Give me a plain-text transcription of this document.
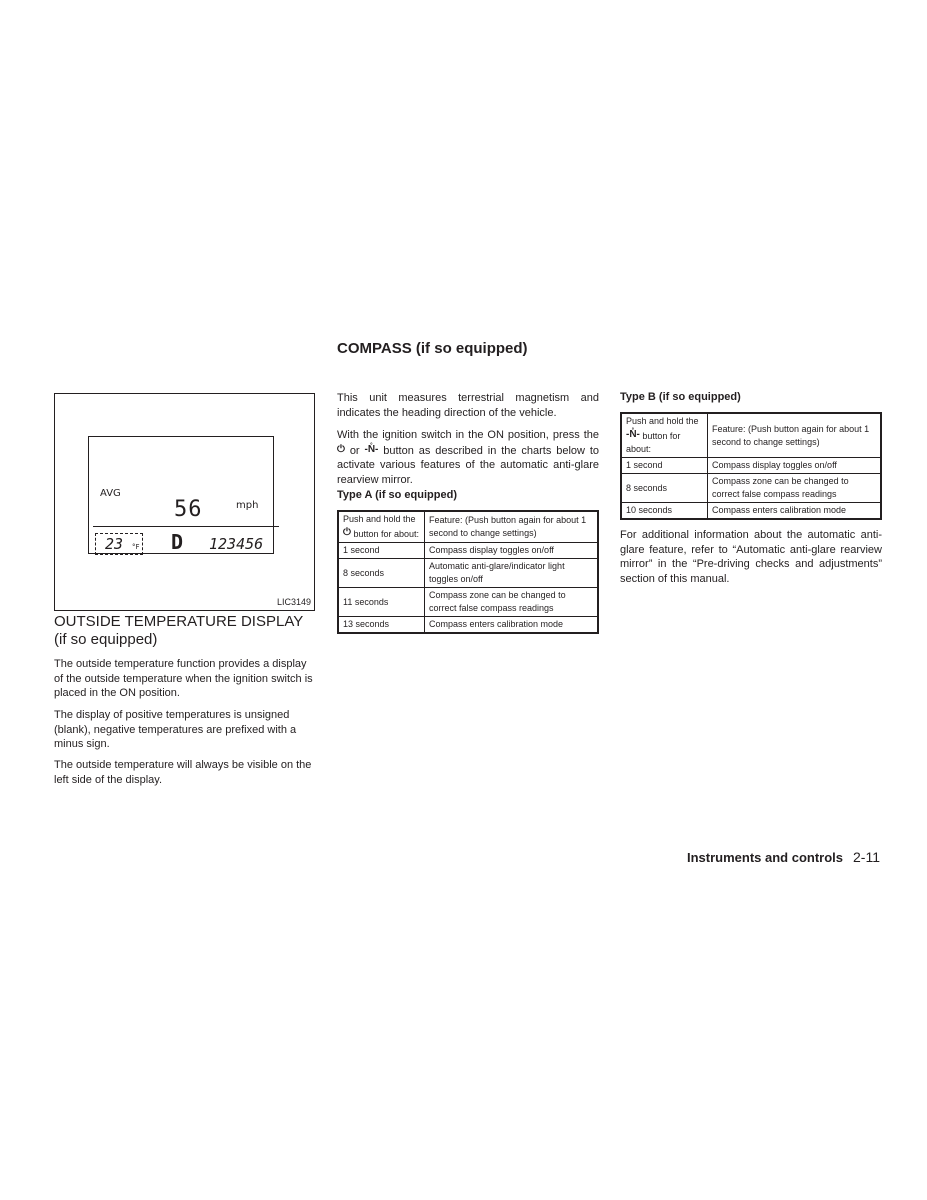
AVG
56	mph
23 °F D 123456
LIC3149
OUTSIDE TEMPERATURE DISPLAY
(if so equipped)

The outside temperature function provides a display of the outside temperature when the ignition switch is placed in the ON position.

The display of positive temperatures is unsigned (blank), negative temperatures are prefixed with a minus sign.

The outside temperature will always be visible on the left side of the display.

COMPASS (if so equipped)

This unit measures terrestrial magnetism and indicates the heading direction of the vehicle.

With the ignition switch in the ON position, press the ⏻ or -N̊- button as described in the charts below to activate various features of the automatic anti-glare rearview mirror.

Type A (if so equipped)
Push and hold the ⏻ button for about:	Feature: (Push button again for about 1 second to change settings)
1 second	Compass display toggles on/off
8 seconds	Automatic anti-glare/indicator light toggles on/off
11 seconds	Compass zone can be changed to correct false compass readings
13 seconds	Compass enters calibration mode
Type B (if so equipped)
Push and hold the -N̊- button for about:	Feature: (Push button again for about 1 second to change settings)
1 second	Compass display toggles on/off
8 seconds	Compass zone can be changed to correct false compass readings
10 seconds	Compass enters calibration mode

For additional information about the automatic anti-glare feature, refer to “Automatic anti-glare rearview mirror” in the “Pre-driving checks and adjustments” section of this manual.

Instruments and controls 2-11
